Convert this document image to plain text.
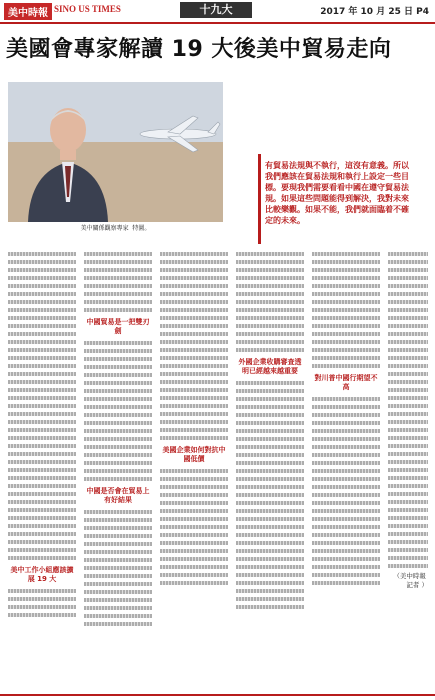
美中時報 SINO US TIMES	十九大	2017 年 10 月 25 日 P4
美國會專家解讀 19 大後美中貿易走向
美中關係觀察專家 ​​​​​​ 特圖。
有貿易法規與不執行，這沒有意義。所以我們應該在貿易法規和執行上設定一些目標。要現我們需要看看中國在遵守貿易法規。如果這些問題能得到解決，我對未來比較樂觀。如果不能，我們就面臨着不確定的未來。
美中工作小組應該擴展 19 大
中國貿易是一把雙刃劍
中國是否會在貿易上有好結果
美國企業如何對抗中國低價
外國企業收購審查透明已經越來越重要
對川普中國行期望不高
（美中時報 ​ 記者 ）
